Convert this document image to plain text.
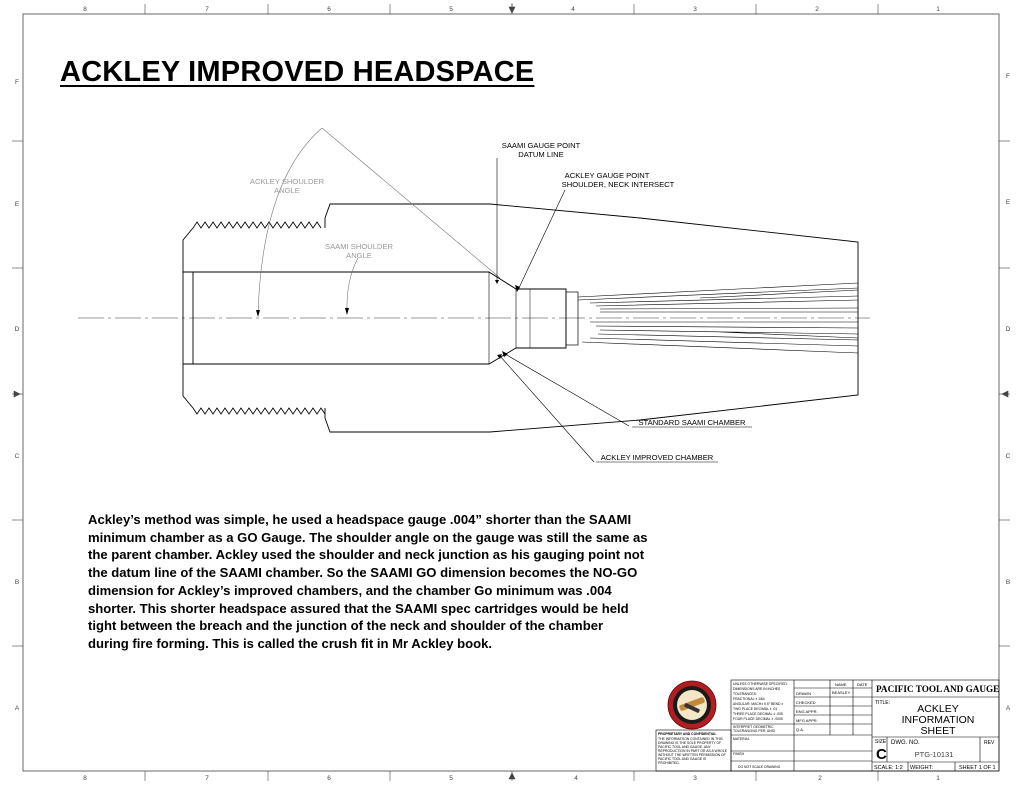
8	7	6	5	4	3	2	1
8	7	6	5	4	3	2	1
F
E
D
C
B
A
F
E
D
C
B
A
ACKLEY SHOULDER
ANGLE
SAAMI SHOULDER
ANGLE
SAAMI GAUGE POINT
DATUM LINE
ACKLEY GAUGE POINT
SHOULDER, NECK INTERSECT
STANDARD SAAMI CHAMBER
ACKLEY IMPROVED CHAMBER
PACIFIC TOOL AND GAUGE
TITLE:	ACKLEY
INFORMATION
SHEET
SIZE
C
DWG. NO.
PTG-10131
REV
SCALE: 1:2 WEIGHT:	SHEET 1 OF 1
NAME	DATE
DRAWN	BEASLEY
CHECKED
ENG APPR.
MFG APPR.
Q.A.
UNLESS OTHERWISE SPECIFIED:
DIMENSIONS ARE IN INCHES
TOLERANCES:
FRACTIONAL ± 1/64
ANGULAR: MACH± 0.5° BEND ±
TWO PLACE DECIMAL ± .01
THREE PLACE DECIMAL ± .005
FOUR PLACE DECIMAL ± .0005
INTERPRET GEOMETRIC
TOLERANCING PER: ANSI
MATERIAL
FINISH
DO NOT SCALE DRAWING
PROPRIETARY AND CONFIDENTIAL
THE INFORMATION CONTAINED IN THIS
DRAWING IS THE SOLE PROPERTY OF
PACIFIC TOOL AND GAUGE. ANY
REPRODUCTION IN PART OR AS A WHOLE
WITHOUT THE WRITTEN PERMISSION OF
PACIFIC TOOL AND GAUGE IS
PROHIBITED.
ACKLEY IMPROVED HEADSPACE
Ackley’s method was simple, he used a headspace gauge .004” shorter than the SAAMI
minimum chamber as a GO Gauge. The shoulder angle on the gauge was still the same as
the parent chamber. Ackley used the shoulder and neck junction as his gauging point not
the datum line of the SAAMI chamber. So the SAAMI GO dimension becomes the NO-GO
dimension for Ackley’s improved chambers, and the chamber Go minimum was .004
shorter. This shorter headspace assured that the SAAMI spec cartridges would be held
tight between the breach and the junction of the neck and shoulder of the chamber
during fire forming. This is called the crush fit in Mr Ackley book.
